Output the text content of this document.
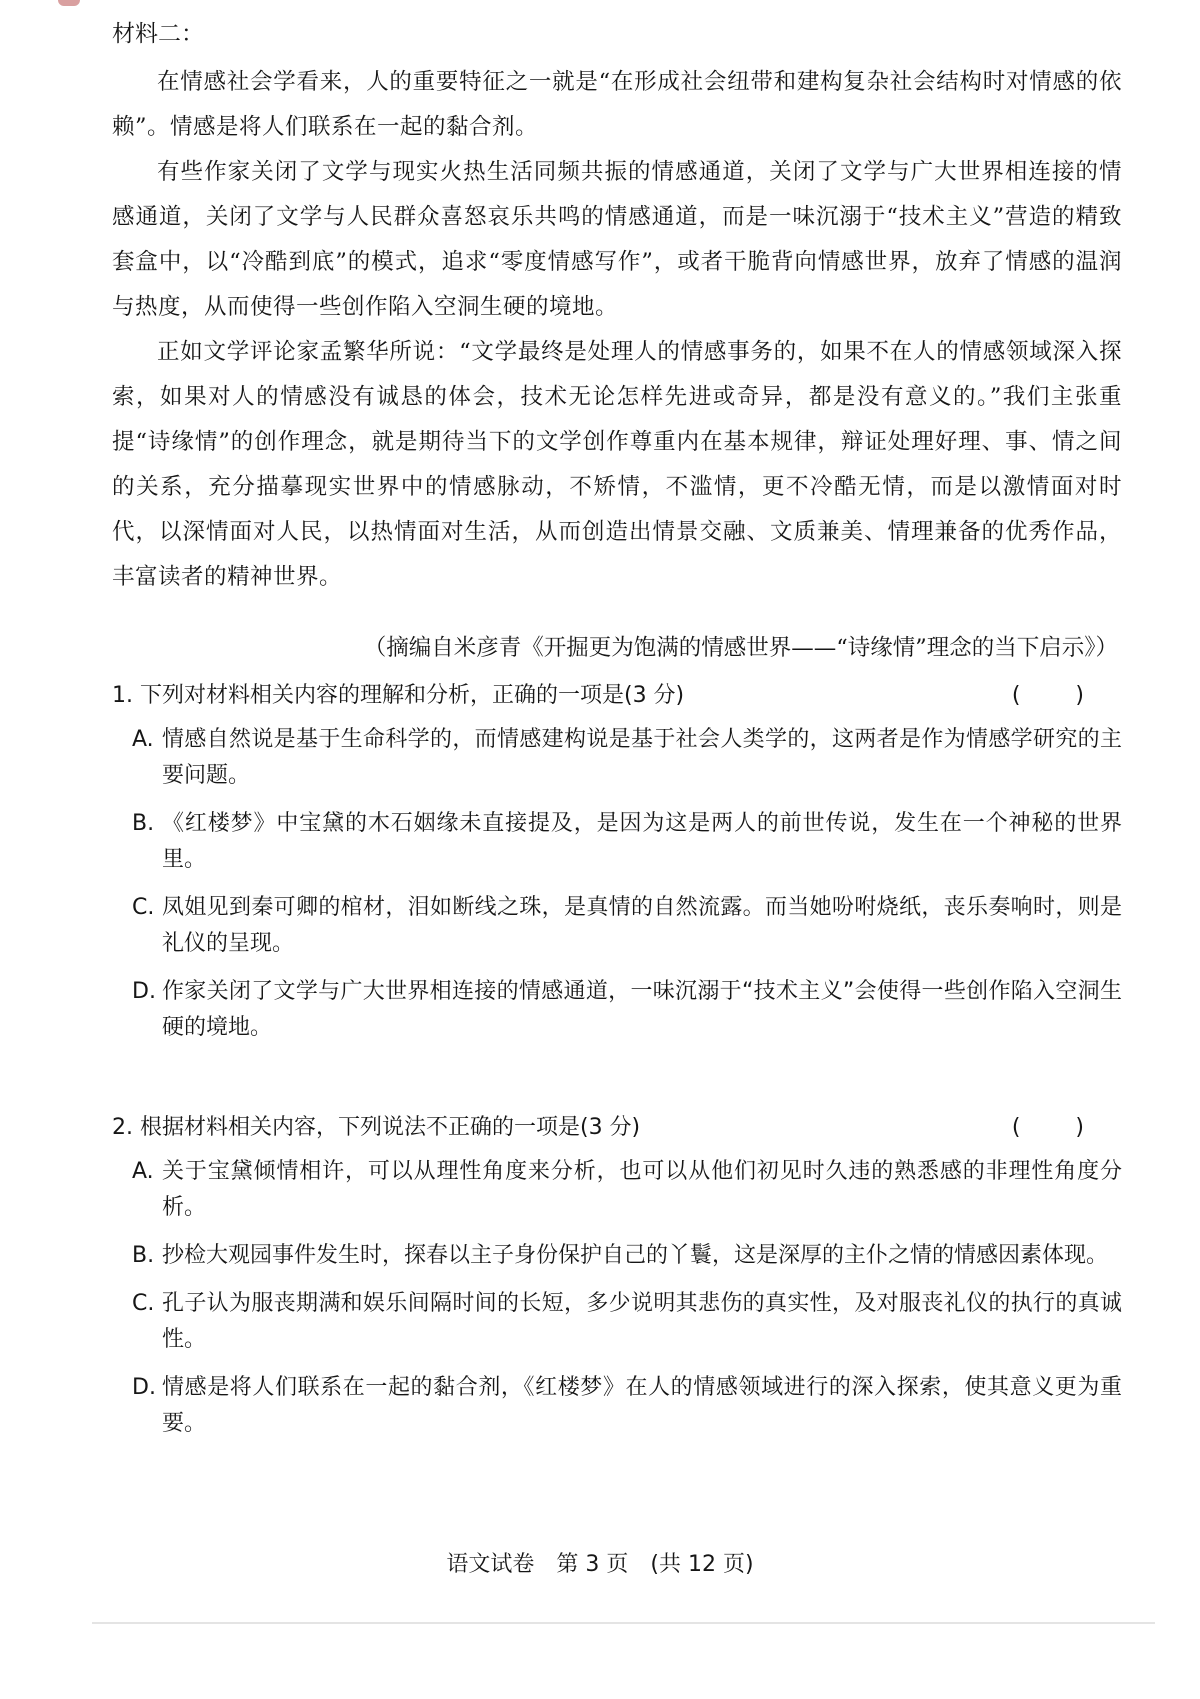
材料二：

在情感社会学看来，人的重要特征之一就是“在形成社会纽带和建构复杂社会结构时对情感的依赖”。情感是将人们联系在一起的黏合剂。

有些作家关闭了文学与现实火热生活同频共振的情感通道，关闭了文学与广大世界相连接的情感通道，关闭了文学与人民群众喜怒哀乐共鸣的情感通道，而是一味沉溺于“技术主义”营造的精致套盒中，以“冷酷到底”的模式，追求“零度情感写作”，或者干脆背向情感世界，放弃了情感的温润与热度，从而使得一些创作陷入空洞生硬的境地。

正如文学评论家孟繁华所说：“文学最终是处理人的情感事务的，如果不在人的情感领域深入探索，如果对人的情感没有诚恳的体会，技术无论怎样先进或奇异，都是没有意义的。”我们主张重提“诗缘情”的创作理念，就是期待当下的文学创作尊重内在基本规律，辩证处理好理、事、情之间的关系，充分描摹现实世界中的情感脉动，不矫情，不滥情，更不冷酷无情，而是以激情面对时代，以深情面对人民，以热情面对生活，从而创造出情景交融、文质兼美、情理兼备的优秀作品，丰富读者的精神世界。

（摘编自米彦青《开掘更为饱满的情感世界——“诗缘情”理念的当下启示》）
1. 下列对材料相关内容的理解和分析，正确的一项是(3 分)	( )
A. 情感自然说是基于生命科学的，而情感建构说是基于社会人类学的，这两者是作为情感学研究的主要问题。
B. 《红楼梦》中宝黛的木石姻缘未直接提及，是因为这是两人的前世传说，发生在一个神秘的世界里。
C. 凤姐见到秦可卿的棺材，泪如断线之珠，是真情的自然流露。而当她吩咐烧纸，丧乐奏响时，则是礼仪的呈现。
D. 作家关闭了文学与广大世界相连接的情感通道，一味沉溺于“技术主义”会使得一些创作陷入空洞生硬的境地。
2. 根据材料相关内容，下列说法不正确的一项是(3 分)	( )
A. 关于宝黛倾情相许，可以从理性角度来分析，也可以从他们初见时久违的熟悉感的非理性角度分析。
B. 抄检大观园事件发生时，探春以主子身份保护自己的丫鬟，这是深厚的主仆之情的情感因素体现。
C. 孔子认为服丧期满和娱乐间隔时间的长短，多少说明其悲伤的真实性，及对服丧礼仪的执行的真诚性。
D. 情感是将人们联系在一起的黏合剂，《红楼梦》在人的情感领域进行的深入探索，使其意义更为重要。
语文试卷　第 3 页　(共 12 页)
